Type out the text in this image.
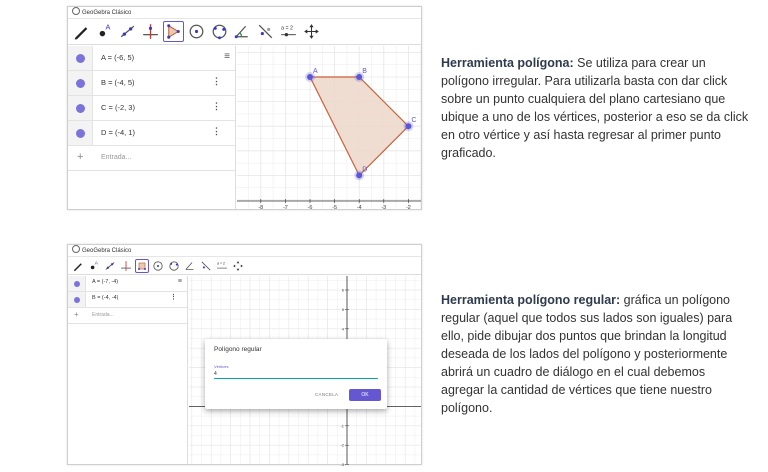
GeoGebra Clásico
A	a = 2
≡
A = (-6, 5)
B = (-4, 5)	⋮
C = (-2, 3)	⋮
D = (-4, 1)	⋮
+	Entrada...
-8	-7	-6	-5	-4	-3	-2
A	B
C
D
GeoGebra Clásico
A	a = 2
≡
A = (-7, -4)
B = (-4, -4)	⋮
+	Entrada...
6
5
4
-1
-2
-3
Polígono regular
Vértices
4
CANCELA	OK
Herramienta polígona: Se utiliza para crear un polígono irregular. Para utilizarla basta con dar click sobre un punto cualquiera del plano cartesiano que ubique a uno de los vértices, posterior a eso se da click en otro vértice y así hasta regresar al primer punto graficado.
Herramienta polígono regular: gráfica un polígono regular (aquel que todos sus lados son iguales) para ello, pide dibujar dos puntos que brindan la longitud deseada de los lados del polígono y posteriormente abrirá un cuadro de diálogo en el cual debemos agregar la cantidad de vértices que tiene nuestro polígono.
